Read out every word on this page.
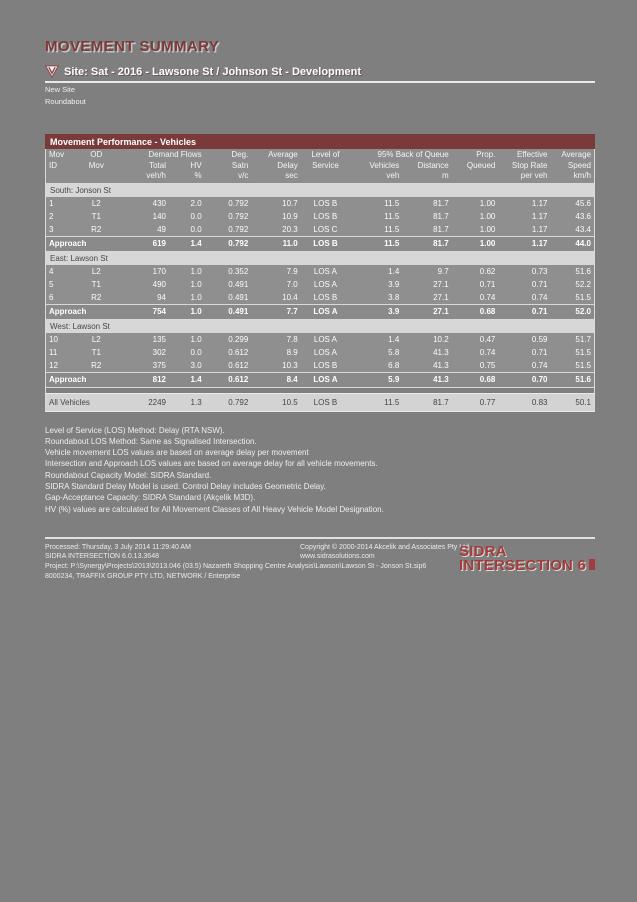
MOVEMENT SUMMARY
Site: Sat - 2016 - Lawsone St / Johnson St - Development
New Site
Roundabout
Movement Performance - Vehicles
Mov	OD	Demand Flows		Deg.	Average	Level of	95% Back of Queue		Prop.	Effective	Average
ID	Mov	Total	HV	Satn	Delay	Service	Vehicles	Distance	Queued	Stop Rate	Speed
		veh/h	%	v/c	sec		veh	m		per veh	km/h
South: Jonson St											
1	L2	430	2.0	0.792	10.7	LOS B	11.5	81.7	1.00	1.17	45.6
2	T1	140	0.0	0.792	10.9	LOS B	11.5	81.7	1.00	1.17	43.6
3	R2	49	0.0	0.792	20.3	LOS C	11.5	81.7	1.00	1.17	43.4
Approach		619	1.4	0.792	11.0	LOS B	11.5	81.7	1.00	1.17	44.0
East: Lawson St											
4	L2	170	1.0	0.352	7.9	LOS A	1.4	9.7	0.62	0.73	51.6
5	T1	490	1.0	0.491	7.0	LOS A	3.9	27.1	0.71	0.71	52.2
6	R2	94	1.0	0.491	10.4	LOS B	3.8	27.1	0.74	0.74	51.5
Approach		754	1.0	0.491	7.7	LOS A	3.9	27.1	0.68	0.71	52.0
West: Lawson St											
10	L2	135	1.0	0.299	7.8	LOS A	1.4	10.2	0.47	0.59	51.7
11	T1	302	0.0	0.612	8.9	LOS A	5.8	41.3	0.74	0.71	51.5
12	R2	375	3.0	0.612	10.3	LOS B	6.8	41.3	0.75	0.74	51.5
Approach		812	1.4	0.612	8.4	LOS A	5.9	41.3	0.68	0.70	51.6

All Vehicles		2249	1.3	0.792	10.5	LOS B	11.5	81.7	0.77	0.83	50.1
Level of Service (LOS) Method: Delay (RTA NSW).
Roundabout LOS Method: Same as Signalised Intersection.
Vehicle movement LOS values are based on average delay per movement
Intersection and Approach LOS values are based on average delay for all vehicle movements.
Roundabout Capacity Model: SIDRA Standard.
SIDRA Standard Delay Model is used. Control Delay includes Geometric Delay.
Gap-Acceptance Capacity: SIDRA Standard (Akçelik M3D).
HV (%) values are calculated for All Movement Classes of All Heavy Vehicle Model Designation.
Processed: Thursday, 3 July 2014 11:29:40 AM
SIDRA INTERSECTION 6.0.13.3648
Copyright © 2000-2014 Akcelik and Associates Pty Ltd
www.sidrasolutions.com
Project: P:\Synergy\Projects\2013\2013.046 (03.5) Nazareth Shopping Centre Analysis\Lawson\Lawson St - Jonson St.sip6
8000234, TRAFFIX GROUP PTY LTD, NETWORK / Enterprise
SIDRA
INTERSECTION 6
